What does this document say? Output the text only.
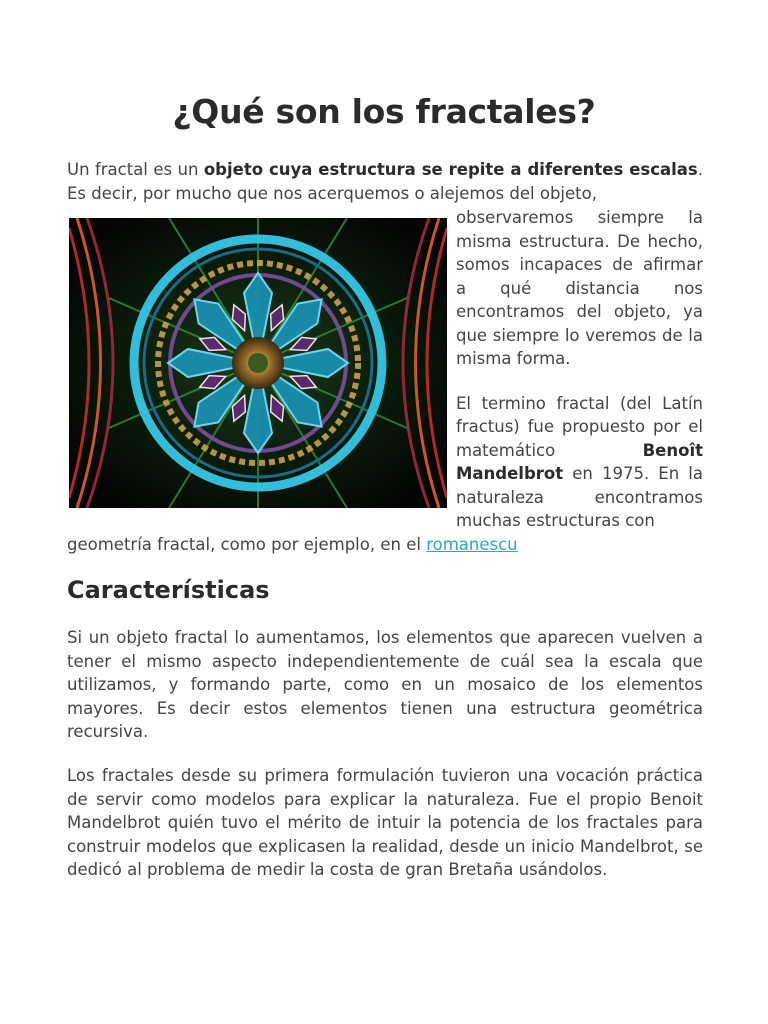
¿Qué son los fractales?

Un fractal es un objeto cuya estructura se repite a diferentes escalas. Es decir, por mucho que nos acerquemos o alejemos del objeto,

observaremos siempre la misma estructura. De hecho, somos incapaces de afirmar a qué distancia nos encontramos del objeto, ya que siempre lo veremos de la misma forma.

El termino fractal (del Latín fractus) fue propuesto por el matemático Benoît Mandelbrot en 1975. En la naturaleza encontramos muchas estructuras con

geometría fractal, como por ejemplo, en el romanescu

Características

Si un objeto fractal lo aumentamos, los elementos que aparecen vuelven a tener el mismo aspecto independientemente de cuál sea la escala que utilizamos, y formando parte, como en un mosaico de los elementos mayores. Es decir estos elementos tienen una estructura geométrica recursiva.

Los fractales desde su primera formulación tuvieron una vocación práctica de servir como modelos para explicar la naturaleza. Fue el propio Benoit Mandelbrot quién tuvo el mérito de intuir la potencia de los fractales para construir modelos que explicasen la realidad, desde un inicio Mandelbrot, se dedicó al problema de medir la costa de gran Bretaña usándolos.
